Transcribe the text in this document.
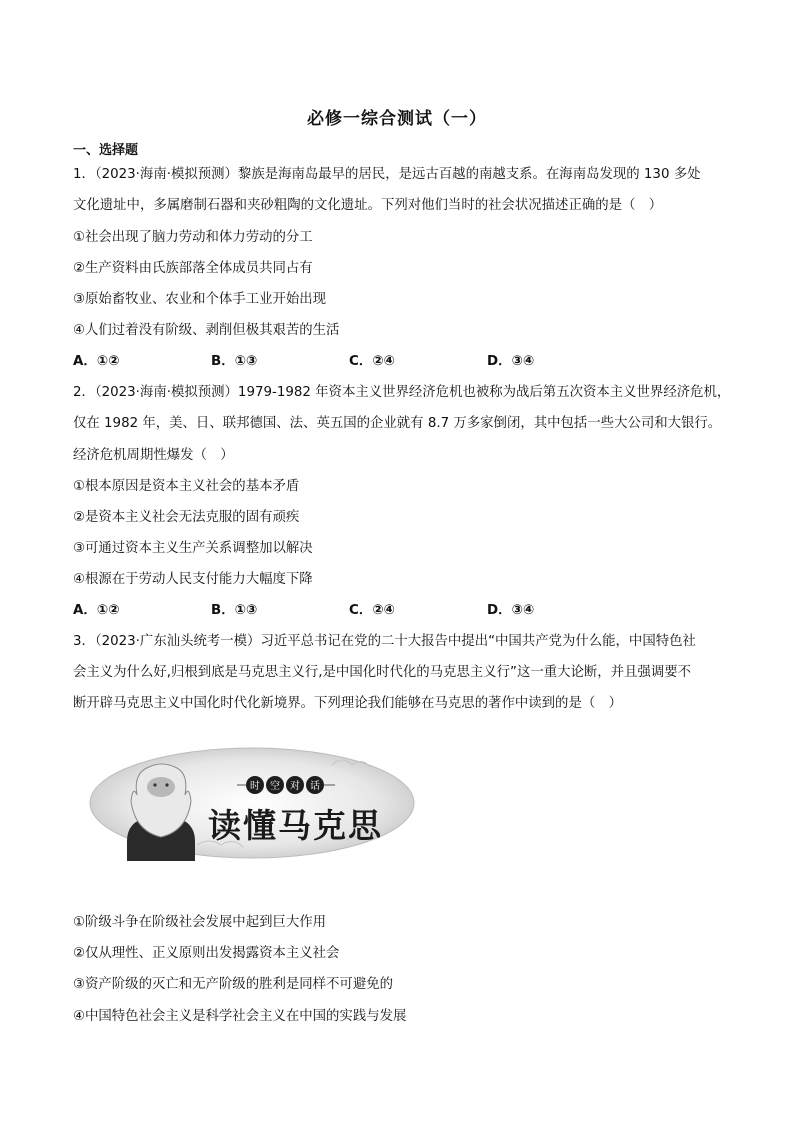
必修一综合测试（一）
一、选择题
1．（2023·海南·模拟预测）黎族是海南岛最早的居民，是远古百越的南越支系。在海南岛发现的 130 多处
文化遗址中，多属磨制石器和夹砂粗陶的文化遗址。下列对他们当时的社会状况描述正确的是（　）
①社会出现了脑力劳动和体力劳动的分工
②生产资料由氏族部落全体成员共同占有
③原始畜牧业、农业和个体手工业开始出现
④人们过着没有阶级、剥削但极其艰苦的生活
A．①②	B．①③	C．②④	D．③④
2．（2023·海南·模拟预测）1979-1982 年资本主义世界经济危机也被称为战后第五次资本主义世界经济危机，
仅在 1982 年，美、日、联邦德国、法、英五国的企业就有 8.7 万多家倒闭，其中包括一些大公司和大银行。
经济危机周期性爆发（　）
①根本原因是资本主义社会的基本矛盾
②是资本主义社会无法克服的固有顽疾
③可通过资本主义生产关系调整加以解决
④根源在于劳动人民支付能力大幅度下降
A．①②	B．①③	C．②④	D．③④
3．（2023·广东汕头统考一模）习近平总书记在党的二十大报告中提出“中国共产党为什么能，中国特色社
会主义为什么好,归根到底是马克思主义行,是中国化时代化的马克思主义行”这一重大论断，并且强调要不
断开辟马克思主义中国化时代化新境界。下列理论我们能够在马克思的著作中读到的是（　）
时空对话
读懂马克思
①阶级斗争在阶级社会发展中起到巨大作用
②仅从理性、正义原则出发揭露资本主义社会
③资产阶级的灭亡和无产阶级的胜利是同样不可避免的
④中国特色社会主义是科学社会主义在中国的实践与发展
